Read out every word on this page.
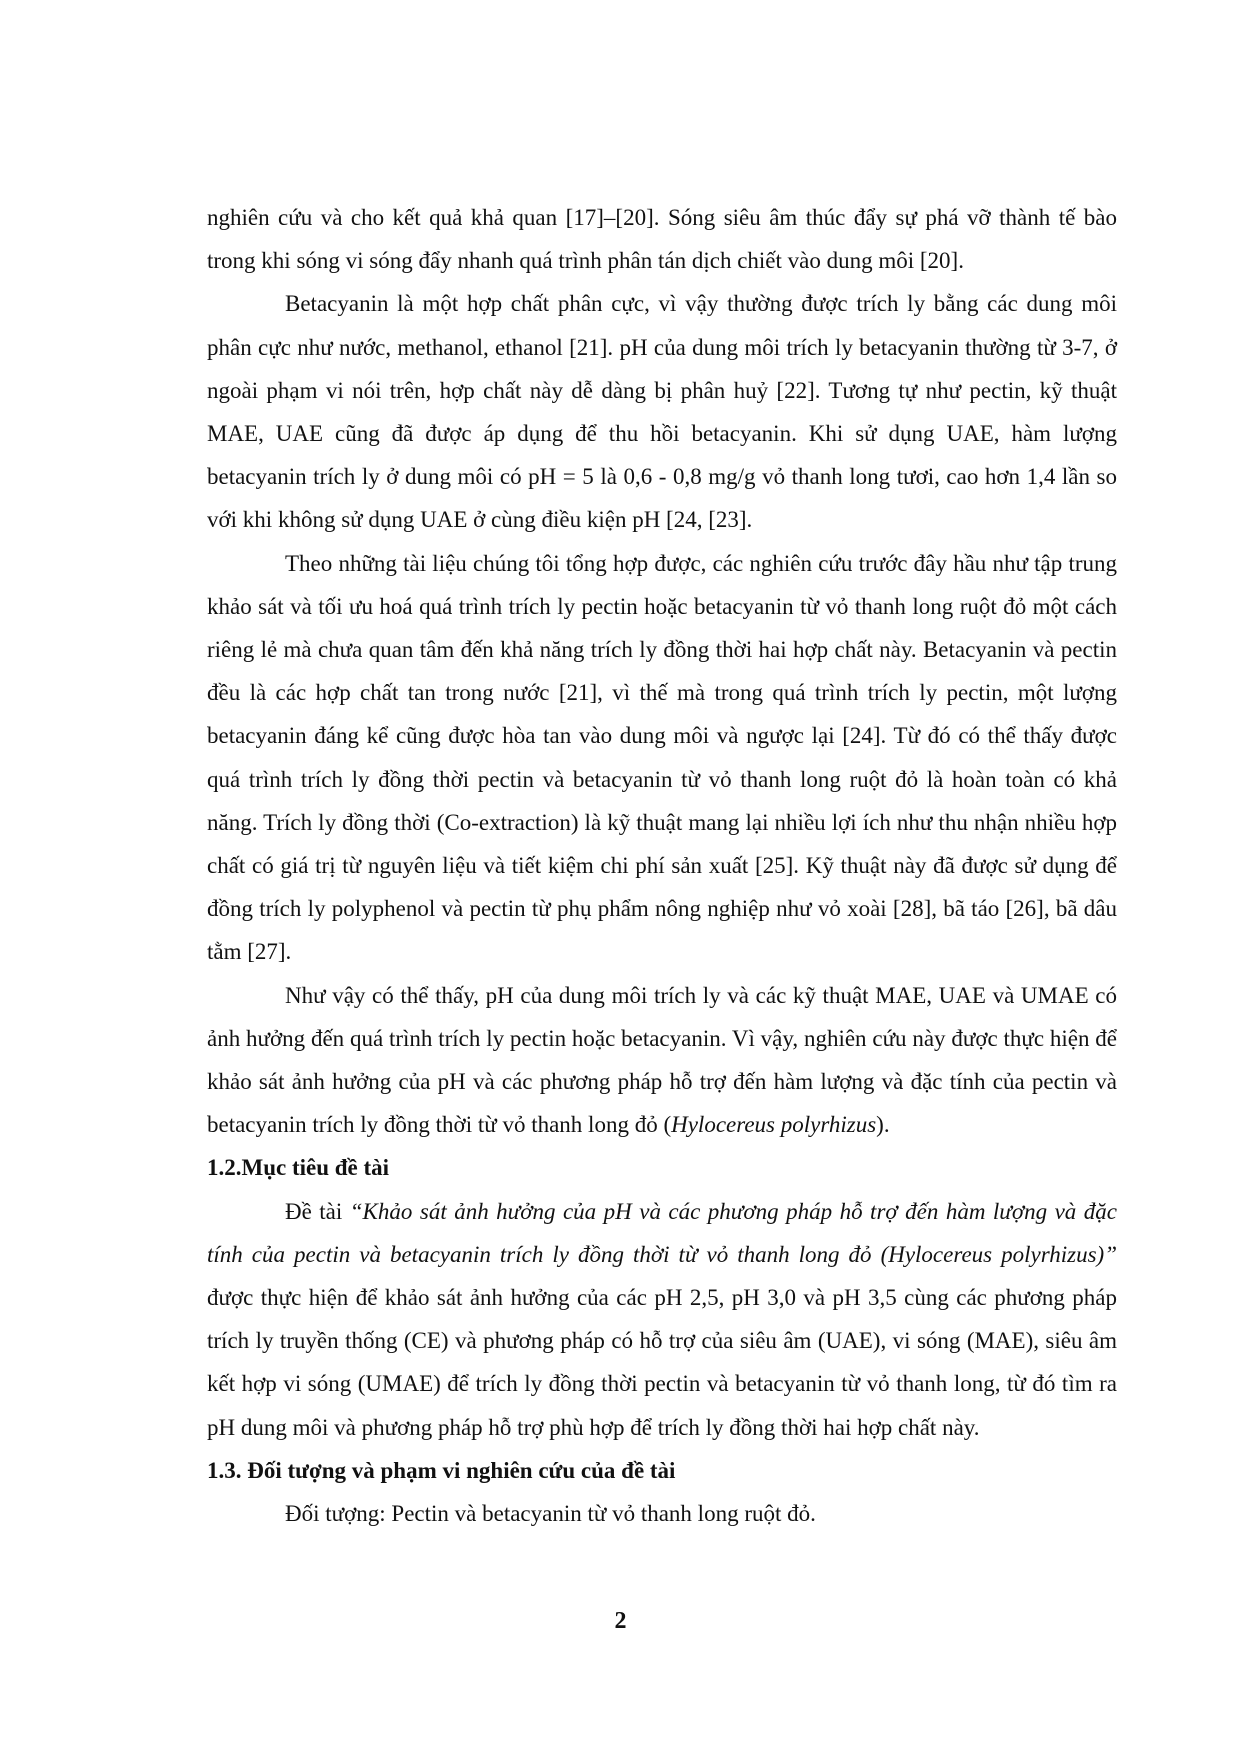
nghiên cứu và cho kết quả khả quan [17]–[20]. Sóng siêu âm thúc đẩy sự phá vỡ thành tế bào trong khi sóng vi sóng đẩy nhanh quá trình phân tán dịch chiết vào dung môi [20].

Betacyanin là một hợp chất phân cực, vì vậy thường được trích ly bằng các dung môi phân cực như nước, methanol, ethanol [21]. pH của dung môi trích ly betacyanin thường từ 3-7, ở ngoài phạm vi nói trên, hợp chất này dễ dàng bị phân huỷ [22]. Tương tự như pectin, kỹ thuật MAE, UAE cũng đã được áp dụng để thu hồi betacyanin. Khi sử dụng UAE, hàm lượng betacyanin trích ly ở dung môi có pH = 5 là 0,6 - 0,8 mg/g vỏ thanh long tươi, cao hơn 1,4 lần so với khi không sử dụng UAE ở cùng điều kiện pH [24, [23].

Theo những tài liệu chúng tôi tổng hợp được, các nghiên cứu trước đây hầu như tập trung khảo sát và tối ưu hoá quá trình trích ly pectin hoặc betacyanin từ vỏ thanh long ruột đỏ một cách riêng lẻ mà chưa quan tâm đến khả năng trích ly đồng thời hai hợp chất này. Betacyanin và pectin đều là các hợp chất tan trong nước [21], vì thế mà trong quá trình trích ly pectin, một lượng betacyanin đáng kể cũng được hòa tan vào dung môi và ngược lại [24]. Từ đó có thể thấy được quá trình trích ly đồng thời pectin và betacyanin từ vỏ thanh long ruột đỏ là hoàn toàn có khả năng. Trích ly đồng thời (Co-extraction) là kỹ thuật mang lại nhiều lợi ích như thu nhận nhiều hợp chất có giá trị từ nguyên liệu và tiết kiệm chi phí sản xuất [25]. Kỹ thuật này đã được sử dụng để đồng trích ly polyphenol và pectin từ phụ phẩm nông nghiệp như vỏ xoài [28], bã táo [26], bã dâu tằm [27].

Như vậy có thể thấy, pH của dung môi trích ly và các kỹ thuật MAE, UAE và UMAE có ảnh hưởng đến quá trình trích ly pectin hoặc betacyanin. Vì vậy, nghiên cứu này được thực hiện để khảo sát ảnh hưởng của pH và các phương pháp hỗ trợ đến hàm lượng và đặc tính của pectin và betacyanin trích ly đồng thời từ vỏ thanh long đỏ (Hylocereus polyrhizus).

1.2.Mục tiêu đề tài

Đề tài “Khảo sát ảnh hưởng của pH và các phương pháp hỗ trợ đến hàm lượng và đặc tính của pectin và betacyanin trích ly đồng thời từ vỏ thanh long đỏ (Hylocereus polyrhizus)” được thực hiện để khảo sát ảnh hưởng của các pH 2,5, pH 3,0 và pH 3,5 cùng các phương pháp trích ly truyền thống (CE) và phương pháp có hỗ trợ của siêu âm (UAE), vi sóng (MAE), siêu âm kết hợp vi sóng (UMAE) để trích ly đồng thời pectin và betacyanin từ vỏ thanh long, từ đó tìm ra pH dung môi và phương pháp hỗ trợ phù hợp để trích ly đồng thời hai hợp chất này.

1.3. Đối tượng và phạm vi nghiên cứu của đề tài

Đối tượng: Pectin và betacyanin từ vỏ thanh long ruột đỏ.

2
